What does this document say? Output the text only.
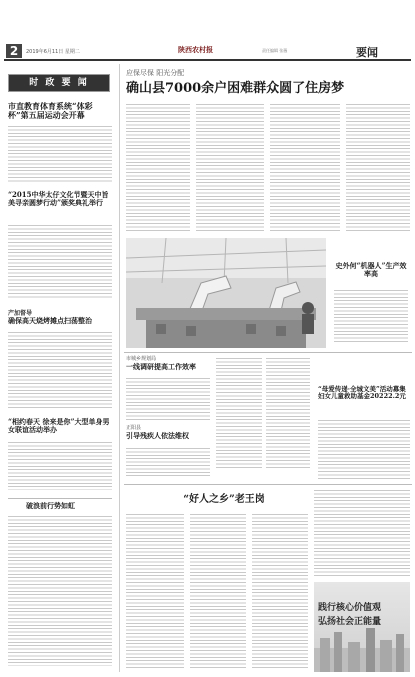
2	2019年6月11日 星期二	陕西农村报	责任编辑 张薇	要闻
时 政 要 闻
市直教育体育系统“体彩杯”第五届运动会开幕
“2015中华太仔文化节暨天中旨美寻亲圆梦行动”颁奖典礼举行
产加督导
确保高天烧烤摊点扫荡整治
“相约春天 徐来是你”大型单身男女联谊活动举办
破浪前行势如虹
应保尽保 阳光分配
确山县7000余户困难群众圆了住房梦
史外何“机器人”生产效率高
市城乡规划局
一线调研提高工作效率
正阳县
引导残疾人依法维权
“母爱传递·全城文美”活动募集妇女儿童救助基金20222.2元
“好人之乡”老王岗
践行核心价值观
弘扬社会正能量
